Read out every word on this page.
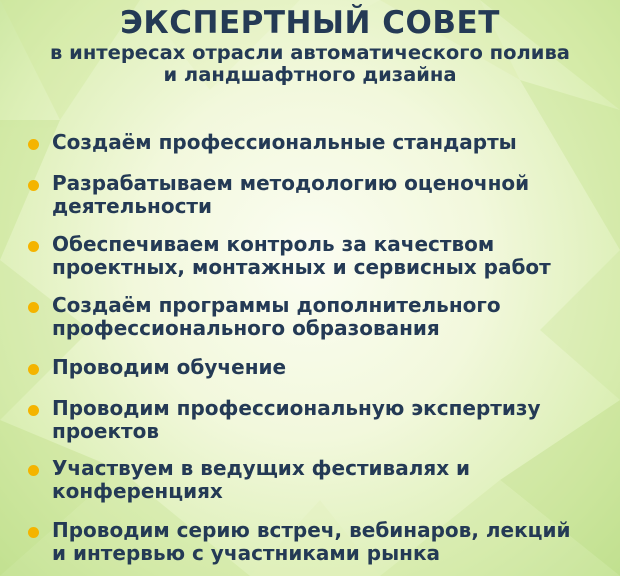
ЭКСПЕРТНЫЙ СОВЕТ
в интересах отрасли автоматического полива
и ландшафтного дизайна
Создаём профессиональные стандарты
Разрабатываем методологию оценочной
деятельности
Обеспечиваем контроль за качеством
проектных, монтажных и сервисных работ
Создаём программы дополнительного
профессионального образования
Проводим обучение
Проводим профессиональную экспертизу
проектов
Участвуем в ведущих фестивалях и
конференциях
Проводим серию встреч, вебинаров, лекций
и интервью с участниками рынка
